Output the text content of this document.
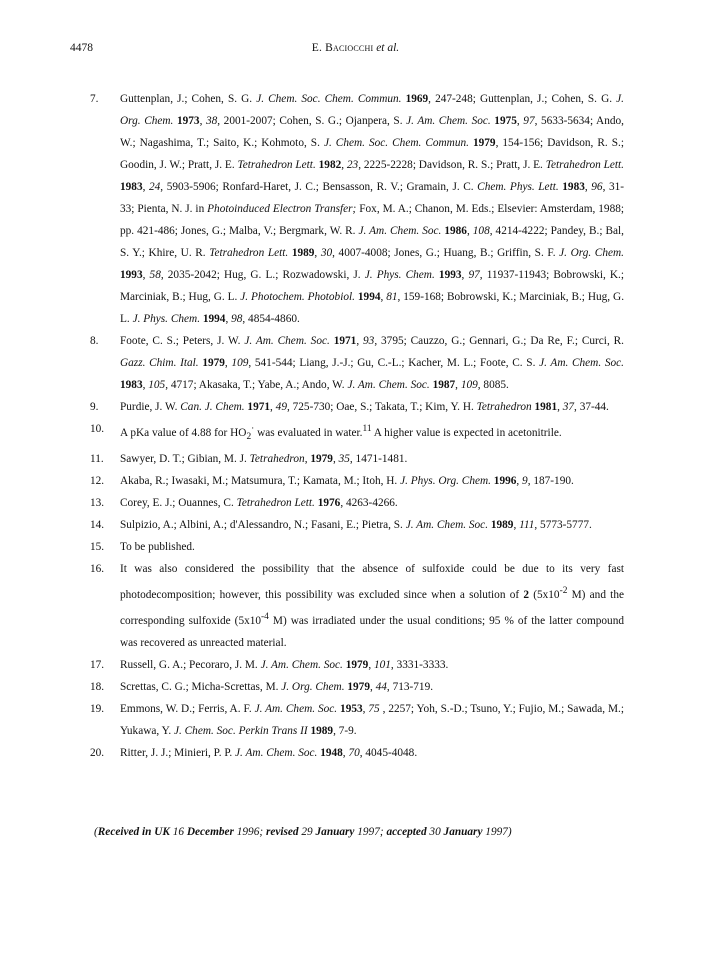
4478	E. Baciocchi et al.
7.	Guttenplan, J.; Cohen, S. G. J. Chem. Soc. Chem. Commun. 1969, 247-248; Guttenplan, J.; Cohen, S. G. J. Org. Chem. 1973, 38, 2001-2007; Cohen, S. G.; Ojanpera, S. J. Am. Chem. Soc. 1975, 97, 5633-5634; Ando, W.; Nagashima, T.; Saito, K.; Kohmoto, S. J. Chem. Soc. Chem. Commun. 1979, 154-156; Davidson, R. S.; Goodin, J. W.; Pratt, J. E. Tetrahedron Lett. 1982, 23, 2225-2228; Davidson, R. S.; Pratt, J. E. Tetrahedron Lett. 1983, 24, 5903-5906; Ronfard-Haret, J. C.; Bensasson, R. V.; Gramain, J. C. Chem. Phys. Lett. 1983, 96, 31-33; Pienta, N. J. in Photoinduced Electron Transfer; Fox, M. A.; Chanon, M. Eds.; Elsevier: Amsterdam, 1988; pp. 421-486; Jones, G.; Malba, V.; Bergmark, W. R. J. Am. Chem. Soc. 1986, 108, 4214-4222; Pandey, B.; Bal, S. Y.; Khire, U. R. Tetrahedron Lett. 1989, 30, 4007-4008; Jones, G.; Huang, B.; Griffin, S. F. J. Org. Chem. 1993, 58, 2035-2042; Hug, G. L.; Rozwadowski, J. J. Phys. Chem. 1993, 97, 11937-11943; Bobrowski, K.; Marciniak, B.; Hug, G. L. J. Photochem. Photobiol. 1994, 81, 159-168; Bobrowski, K.; Marciniak, B.; Hug, G. L. J. Phys. Chem. 1994, 98, 4854-4860.
8.	Foote, C. S.; Peters, J. W. J. Am. Chem. Soc. 1971, 93, 3795; Cauzzo, G.; Gennari, G.; Da Re, F.; Curci, R. Gazz. Chim. Ital. 1979, 109, 541-544; Liang, J.-J.; Gu, C.-L.; Kacher, M. L.; Foote, C. S. J. Am. Chem. Soc. 1983, 105, 4717; Akasaka, T.; Yabe, A.; Ando, W. J. Am. Chem. Soc. 1987, 109, 8085.
9.	Purdie, J. W. Can. J. Chem. 1971, 49, 725-730; Oae, S.; Takata, T.; Kim, Y. H. Tetrahedron 1981, 37, 37-44.
10.	A pKa value of 4.88 for $HO_2^\cdot$ was evaluated in water.$^{11}$ A higher value is expected in acetonitrile.
11.	Sawyer, D. T.; Gibian, M. J. Tetrahedron, 1979, 35, 1471-1481.
12.	Akaba, R.; Iwasaki, M.; Matsumura, T.; Kamata, M.; Itoh, H. J. Phys. Org. Chem. 1996, 9, 187-190.
13.	Corey, E. J.; Ouannes, C. Tetrahedron Lett. 1976, 4263-4266.
14.	Sulpizio, A.; Albini, A.; d'Alessandro, N.; Fasani, E.; Pietra, S. J. Am. Chem. Soc. 1989, 111, 5773-5777.
15.	To be published.
16.	It was also considered the possibility that the absence of sulfoxide could be due to its very fast photodecomposition; however, this possibility was excluded since when a solution of 2 ($5x10^{-2}$ M) and the corresponding sulfoxide ($5x10^{-4}$ M) was irradiated under the usual conditions; 95 % of the latter compound was recovered as unreacted material.
17.	Russell, G. A.; Pecoraro, J. M. J. Am. Chem. Soc. 1979, 101, 3331-3333.
18.	Screttas, C. G.; Micha-Screttas, M. J. Org. Chem. 1979, 44, 713-719.
19.	Emmons, W. D.; Ferris, A. F. J. Am. Chem. Soc. 1953, 75 , 2257; Yoh, S.-D.; Tsuno, Y.; Fujio, M.; Sawada, M.; Yukawa, Y. J. Chem. Soc. Perkin Trans II 1989, 7-9.
20.	Ritter, J. J.; Minieri, P. P. J. Am. Chem. Soc. 1948, 70, 4045-4048.
(Received in UK 16 December 1996; revised 29 January 1997; accepted 30 January 1997)
